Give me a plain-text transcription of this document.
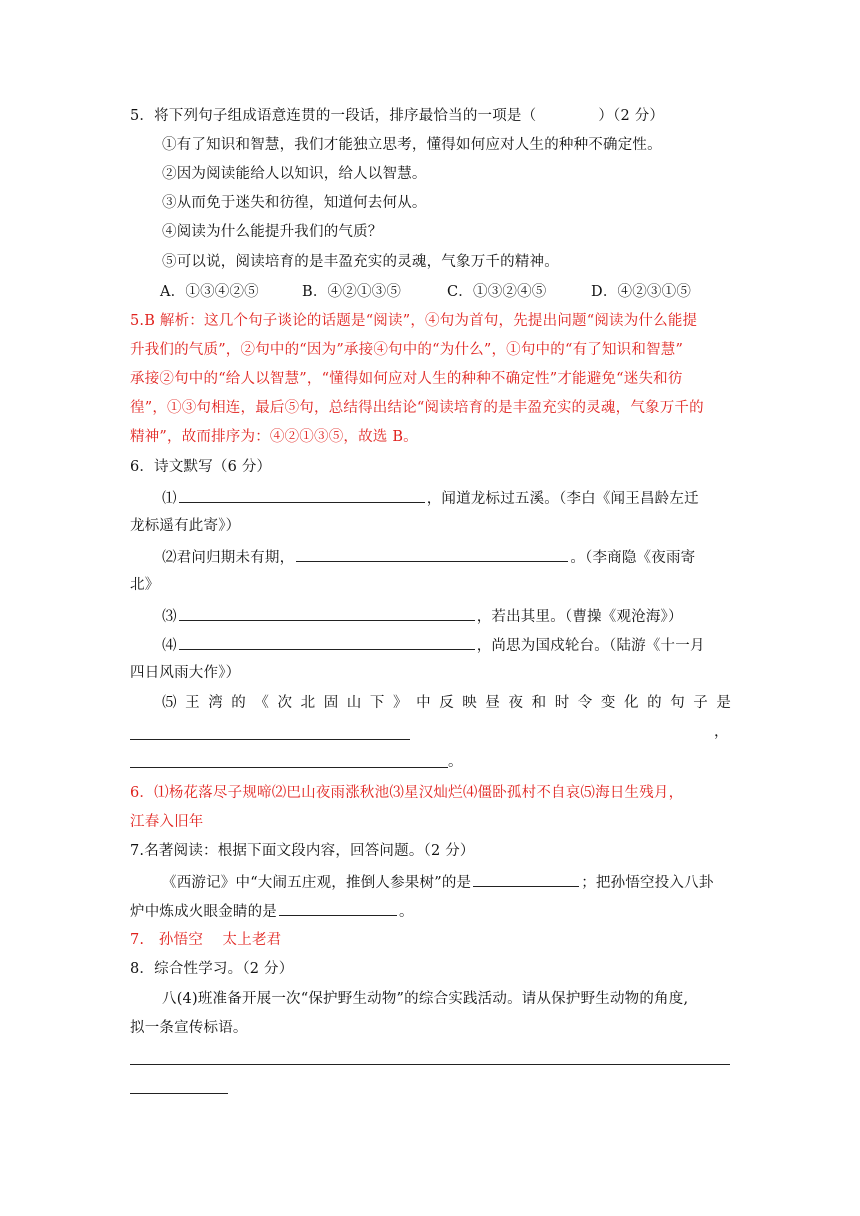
5．将下列句子组成语意连贯的一段话，排序最恰当的一项是（	）（2 分）
①有了知识和智慧，我们才能独立思考，懂得如何应对人生的种种不确定性。
②因为阅读能给人以知识，给人以智慧。
③从而免于迷失和彷徨，知道何去何从。
④阅读为什么能提升我们的气质？
⑤可以说，阅读培育的是丰盈充实的灵魂，气象万千的精神。
A．①③④②⑤	B．④②①③⑤	C．①③②④⑤	D．④②③①⑤
5.B 解析：这几个句子谈论的话题是“阅读”，④句为首句，先提出问题“阅读为什么能提
升我们的气质”，②句中的“因为”承接④句中的“为什么”，①句中的“有了知识和智慧”
承接②句中的“给人以智慧”，“懂得如何应对人生的种种不确定性”才能避免“迷失和彷
徨”，①③句相连，最后⑤句，总结得出结论“阅读培育的是丰盈充实的灵魂，气象万千的
精神”，故而排序为：④②①③⑤，故选 B。
6．诗文默写（6 分）
⑴	，闻道龙标过五溪。（李白《闻王昌龄左迁
龙标遥有此寄》）
⑵君问归期未有期，	。（李商隐《夜雨寄
北》
⑶	，若出其里。（曹操《观沧海》）
⑷	，尚思为国戍轮台。（陆游《十一月
四日风雨大作》）
⑸王湾的《次北固山下》中反映昼夜和时令变化的句子是
，
。
6．⑴杨花落尽子规啼⑵巴山夜雨涨秋池⑶星汉灿烂⑷僵卧孤村不自哀⑸海日生残月，
江春入旧年
7.名著阅读：根据下面文段内容，回答问题。（2 分）
《西游记》中“大闹五庄观，推倒人参果树”的是	；把孙悟空投入八卦
炉中炼成火眼金睛的是	。
7.　孙悟空　 太上老君
8．综合性学习。（2 分）
八(4)班准备开展一次“保护野生动物”的综合实践活动。请从保护野生动物的角度,
拟一条宣传标语。
